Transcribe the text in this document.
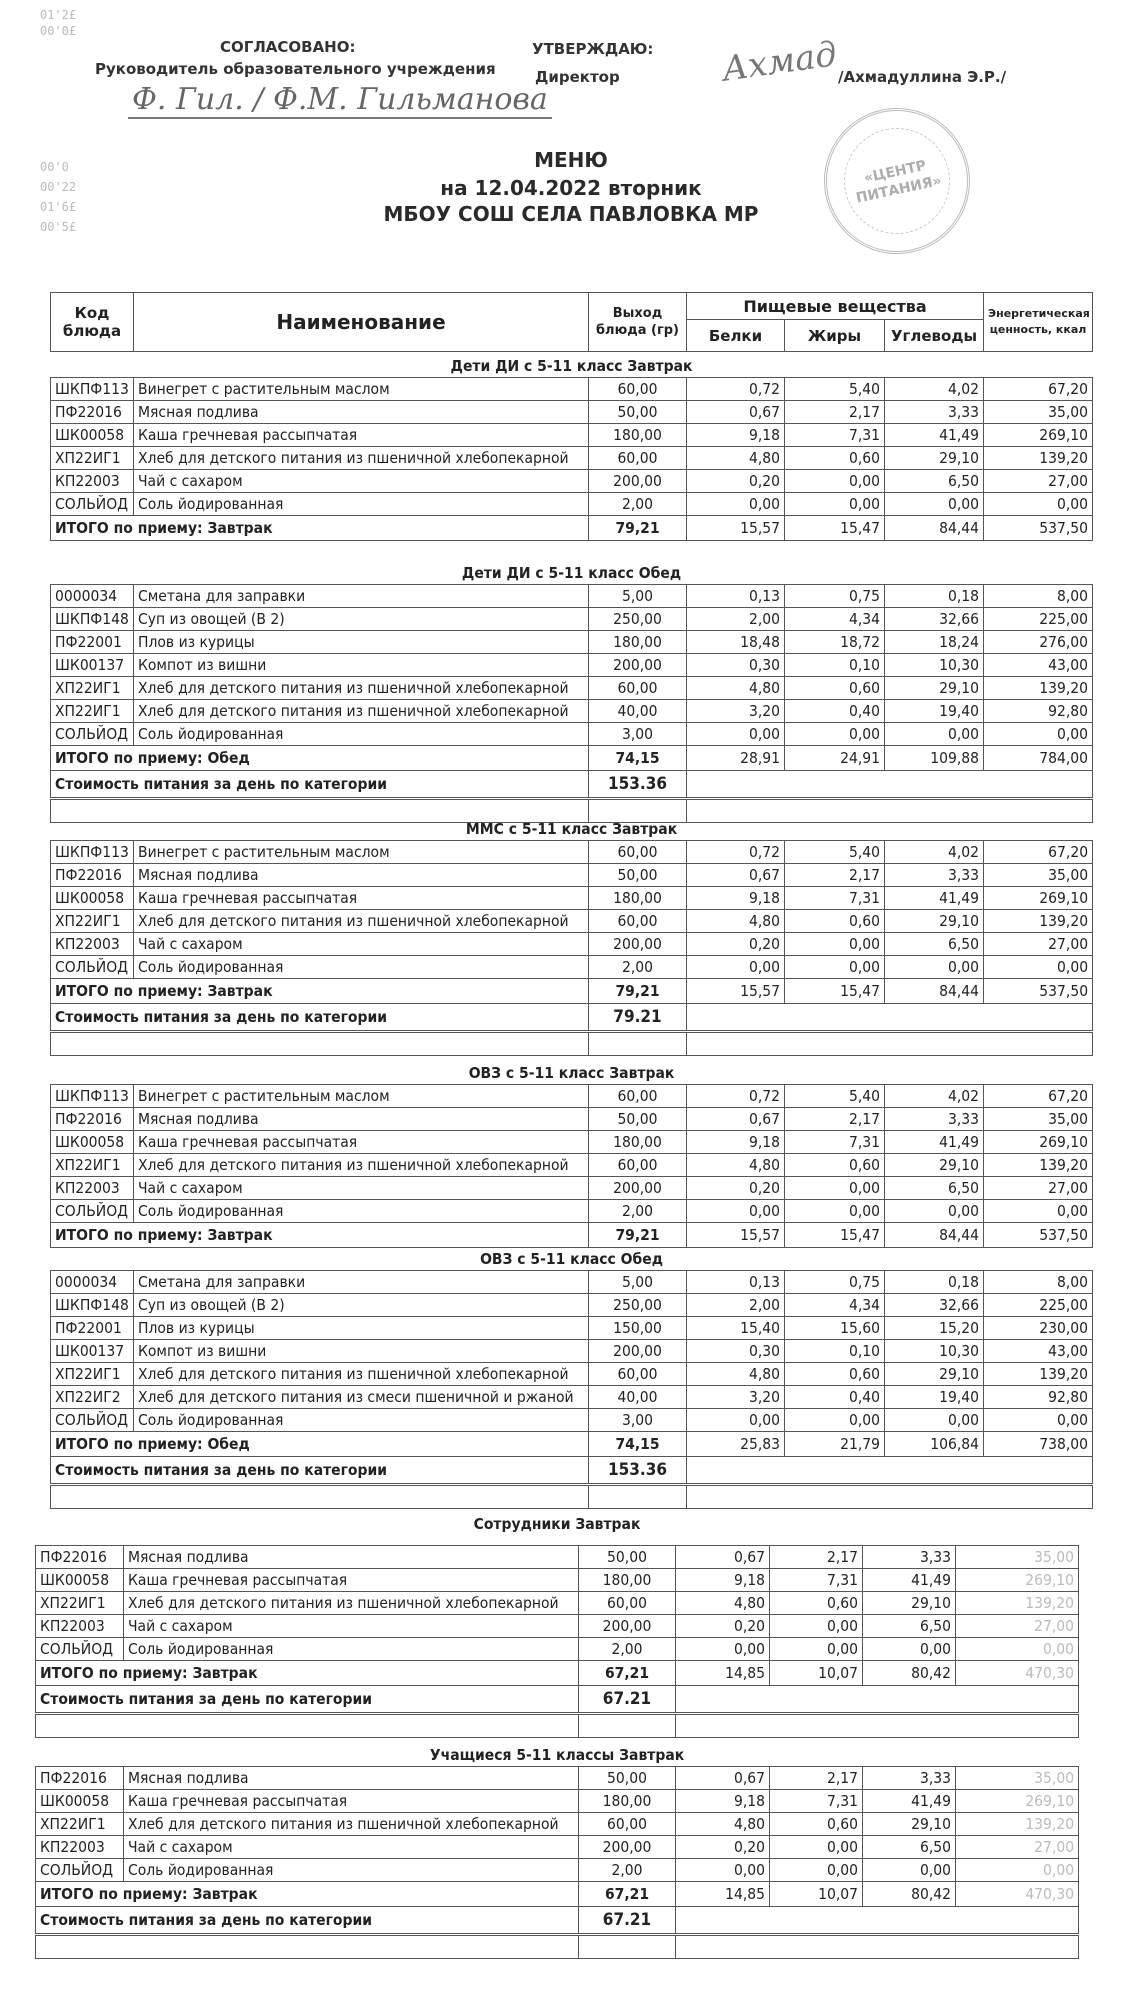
СОГЛАСОВАНО:
Руководитель образовательного учреждения
Ф. Гил. / Ф.М. Гильманова
УТВЕРЖДАЮ:
Директор	Ахмад
/Ахмадуллина Э.Р./
«ЦЕНТР ПИТАНИЯ»
01'2£
00'0£
00'0
00'22
01'6£
00'5£
МЕНЮ
на 12.04.2022 вторник
МБОУ СОШ СЕЛА ПАВЛОВКА МР
Код блюда	Наименование	Выход блюда (гр)	Пищевые вещества			Энергетическая ценность, ккал
			Белки	Жиры	Углеводы	
Дети ДИ с 5-11 класс Завтрак						
ШКПФ113	Винегрет с растительным маслом	60,00	0,72	5,40	4,02	67,20
ПФ22016	Мясная подлива	50,00	0,67	2,17	3,33	35,00
ШК00058	Каша гречневая рассыпчатая	180,00	9,18	7,31	41,49	269,10
ХП22ИГ1	Хлеб для детского питания из пшеничной хлебопекарной	60,00	4,80	0,60	29,10	139,20
КП22003	Чай с сахаром	200,00	0,20	0,00	6,50	27,00
СОЛЬЙОД	Соль йодированная	2,00	0,00	0,00	0,00	0,00
ИТОГО по приему: Завтрак		79,21	15,57	15,47	84,44	537,50
Дети ДИ с 5-11 класс Обед						
0000034	Сметана для заправки	5,00	0,13	0,75	0,18	8,00
ШКПФ148	Суп из овощей (В 2)	250,00	2,00	4,34	32,66	225,00
ПФ22001	Плов из курицы	180,00	18,48	18,72	18,24	276,00
ШК00137	Компот из вишни	200,00	0,30	0,10	10,30	43,00
ХП22ИГ1	Хлеб для детского питания из пшеничной хлебопекарной	60,00	4,80	0,60	29,10	139,20
ХП22ИГ1	Хлеб для детского питания из пшеничной хлебопекарной	40,00	3,20	0,40	19,40	92,80
СОЛЬЙОД	Соль йодированная	3,00	0,00	0,00	0,00	0,00
ИТОГО по приему: Обед		74,15	28,91	24,91	109,88	784,00
Стоимость питания за день по категории		153.36				

ММС с 5-11 класс Завтрак						
ШКПФ113	Винегрет с растительным маслом	60,00	0,72	5,40	4,02	67,20
ПФ22016	Мясная подлива	50,00	0,67	2,17	3,33	35,00
ШК00058	Каша гречневая рассыпчатая	180,00	9,18	7,31	41,49	269,10
ХП22ИГ1	Хлеб для детского питания из пшеничной хлебопекарной	60,00	4,80	0,60	29,10	139,20
КП22003	Чай с сахаром	200,00	0,20	0,00	6,50	27,00
СОЛЬЙОД	Соль йодированная	2,00	0,00	0,00	0,00	0,00
ИТОГО по приему: Завтрак		79,21	15,57	15,47	84,44	537,50
Стоимость питания за день по категории		79.21				

ОВЗ с 5-11 класс Завтрак						
ШКПФ113	Винегрет с растительным маслом	60,00	0,72	5,40	4,02	67,20
ПФ22016	Мясная подлива	50,00	0,67	2,17	3,33	35,00
ШК00058	Каша гречневая рассыпчатая	180,00	9,18	7,31	41,49	269,10
ХП22ИГ1	Хлеб для детского питания из пшеничной хлебопекарной	60,00	4,80	0,60	29,10	139,20
КП22003	Чай с сахаром	200,00	0,20	0,00	6,50	27,00
СОЛЬЙОД	Соль йодированная	2,00	0,00	0,00	0,00	0,00
ИТОГО по приему: Завтрак		79,21	15,57	15,47	84,44	537,50
ОВЗ с 5-11 класс Обед						
0000034	Сметана для заправки	5,00	0,13	0,75	0,18	8,00
ШКПФ148	Суп из овощей (В 2)	250,00	2,00	4,34	32,66	225,00
ПФ22001	Плов из курицы	150,00	15,40	15,60	15,20	230,00
ШК00137	Компот из вишни	200,00	0,30	0,10	10,30	43,00
ХП22ИГ1	Хлеб для детского питания из пшеничной хлебопекарной	60,00	4,80	0,60	29,10	139,20
ХП22ИГ2	Хлеб для детского питания из смеси пшеничной и ржаной	40,00	3,20	0,40	19,40	92,80
СОЛЬЙОД	Соль йодированная	3,00	0,00	0,00	0,00	0,00
ИТОГО по приему: Обед		74,15	25,83	21,79	106,84	738,00
Стоимость питания за день по категории		153.36				

Сотрудники Завтрак						
ПФ22016	Мясная подлива	50,00	0,67	2,17	3,33	35,00
ШК00058	Каша гречневая рассыпчатая	180,00	9,18	7,31	41,49	269,10
ХП22ИГ1	Хлеб для детского питания из пшеничной хлебопекарной	60,00	4,80	0,60	29,10	139,20
КП22003	Чай с сахаром	200,00	0,20	0,00	6,50	27,00
СОЛЬЙОД	Соль йодированная	2,00	0,00	0,00	0,00	0,00
ИТОГО по приему: Завтрак		67,21	14,85	10,07	80,42	470,30
Стоимость питания за день по категории		67.21				

Учащиеся 5-11 классы Завтрак						
ПФ22016	Мясная подлива	50,00	0,67	2,17	3,33	35,00
ШК00058	Каша гречневая рассыпчатая	180,00	9,18	7,31	41,49	269,10
ХП22ИГ1	Хлеб для детского питания из пшеничной хлебопекарной	60,00	4,80	0,60	29,10	139,20
КП22003	Чай с сахаром	200,00	0,20	0,00	6,50	27,00
СОЛЬЙОД	Соль йодированная	2,00	0,00	0,00	0,00	0,00
ИТОГО по приему: Завтрак		67,21	14,85	10,07	80,42	470,30
Стоимость питания за день по категории		67.21				
